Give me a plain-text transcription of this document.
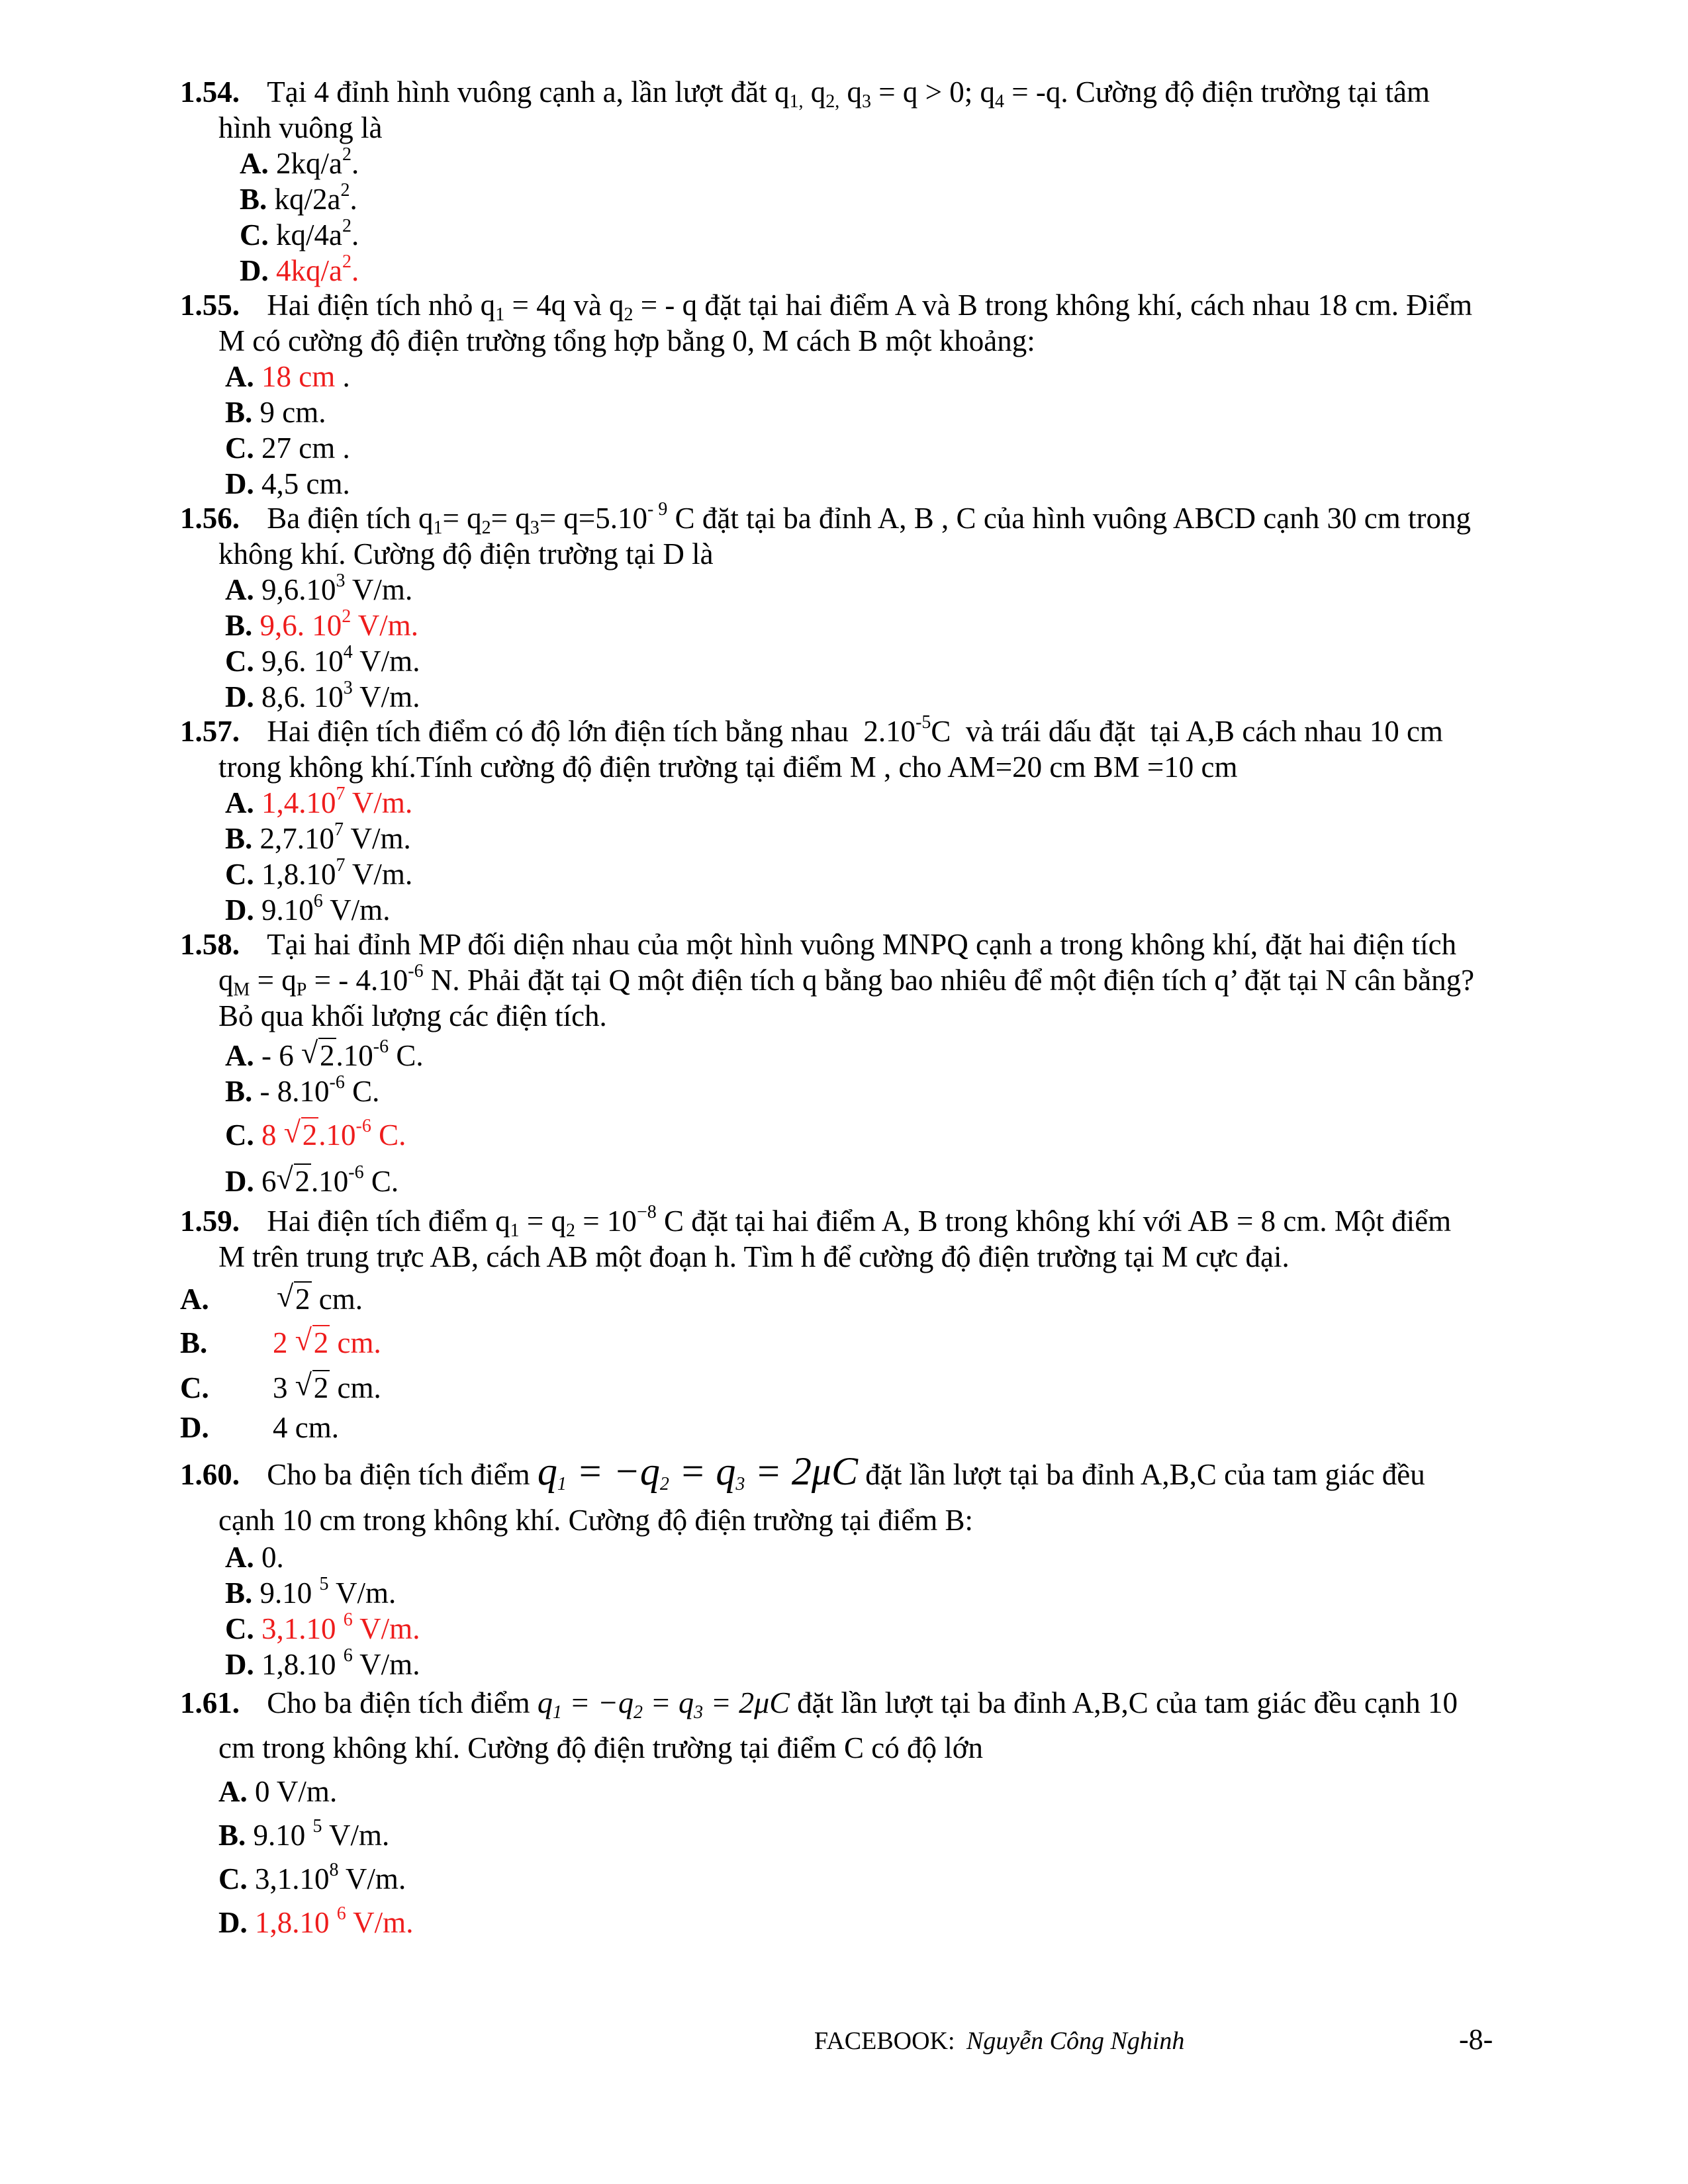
1.54. Tại 4 đỉnh hình vuông cạnh a, lần lượt đăt $q_{1,}$ $q_{2,}$ $q_3 = q > 0$; $q_4 = -q$. Cường độ điện trường tại tâm
hình vuông là
A. $2kq/a^2$.
B. $kq/2a^2$.
C. $kq/4a^2$.
D. $4kq/a^2$.
1.55. Hai điện tích nhỏ $q_1 = 4q$ và $q_2$ = - q đặt tại hai điểm A và B trong không khí, cách nhau 18 cm. Điểm
M có cường độ điện trường tổng hợp bằng 0, M cách B một khoảng:
A. 18 cm .
B. 9 cm.
C. 27 cm .
D. 4,5 cm.
1.56. Ba điện tích $q_1= q_2= q_3= q=5.10^{- 9}$ C đặt tại ba đỉnh A, B , C của hình vuông ABCD cạnh 30 cm trong
không khí. Cường độ điện trường tại D là
A. 9,6.10$^3$ V/m.
B. 9,6. $10^2$ V/m.
C. 9,6. $10^4$ V/m.
D. 8,6. $10^3$ V/m.
1.57. Hai điện tích điểm có độ lớn điện tích bằng nhau  $2.10^{-5}C$  và trái dấu đặt  tại A,B cách nhau 10 cm
trong không khí.Tính cường độ điện trường tại điểm M , cho AM=20 cm BM =10 cm
A. 1,4.10$^7$ V/m.
B. 2,7.10$^7$ V/m.
C. 1,8.10$^7$ V/m.
D. 9.10$^6$ V/m.
1.58. Tại hai đỉnh MP đối diện nhau của một hình vuông MNPQ cạnh a trong không khí, đặt hai điện tích
$q_M = q_P$ = - $4.10^{-6}$ N. Phải đặt tại Q một điện tích q bằng bao nhiêu để một điện tích q’ đặt tại N cân bằng?
Bỏ qua khối lượng các điện tích.
A. - 6 √ $2.10^{-6}$ C.
B. - $8.10^{-6}$ C.
C. 8 √ $2.10^{-6}$ C.
D. 6 √ $2.10^{-6}$ C.
1.59. Hai điện tích điểm $q_1 = q_2 = 10^{-8}$ C đặt tại hai điểm A, B trong không khí với AB = 8 cm. Một điểm
M trên trung trực AB, cách AB một đoạn h. Tìm h để cường độ điện trường tại M cực đại.
A.	√ 2 cm.
B. 2 √ 2 cm.
C. 3 √ 2 cm.
D. 4 cm.
1.60. Cho ba điện tích điểm $q_1 = -q_2 = q_3 = 2\mu C$ đặt lần lượt tại ba đỉnh A,B,C của tam giác đều
cạnh 10 cm trong không khí. Cường độ điện trường tại điểm B:
A. 0.
B. 9.10 $^5$ V/m.
C. 3,1.10 $^6$ V/m.
D. 1,8.10 $^6$ V/m.
1.61. Cho ba điện tích điểm $q_1 = -q_2 = q_3 = 2\mu C$ đặt lần lượt tại ba đỉnh A,B,C của tam giác đều cạnh 10
cm trong không khí. Cường độ điện trường tại điểm C có độ lớn
A. 0 V/m.
B. 9.10 $^5$ V/m.
C. 3,1.10$^8$ V/m.
D. 1,8.10 $^6$ V/m.
FACEBOOK: Nguyễn Công Nghinh	-8-
